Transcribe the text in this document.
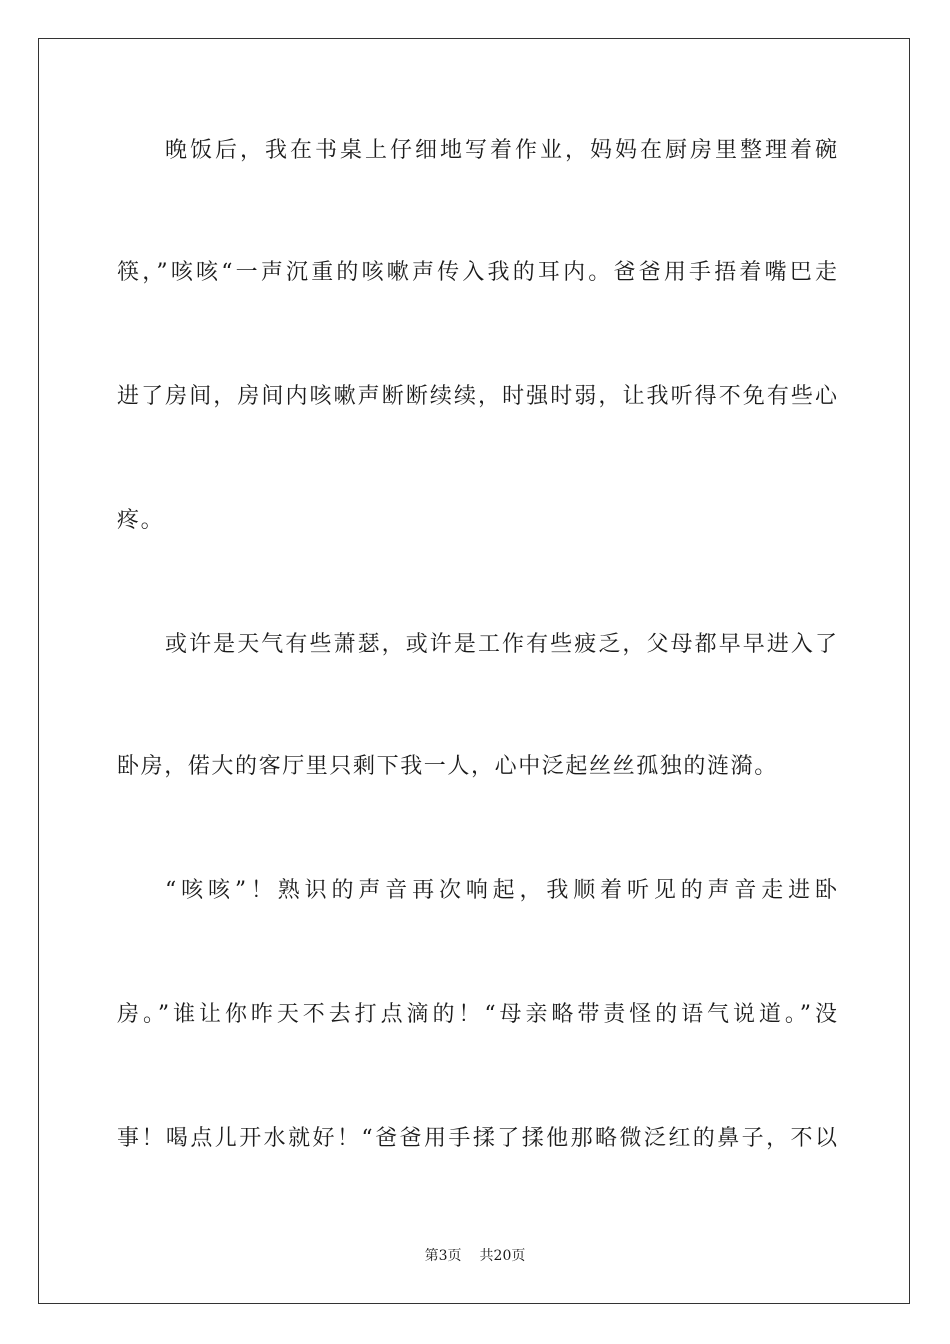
晚饭后，我在书桌上仔细地写着作业，妈妈在厨房里整理着碗
筷，”咳咳“一声沉重的咳嗽声传入我的耳内。爸爸用手捂着嘴巴走
进了房间，房间内咳嗽声断断续续，时强时弱，让我听得不免有些心
疼。
或许是天气有些萧瑟，或许是工作有些疲乏，父母都早早进入了
卧房，偌大的客厅里只剩下我一人，心中泛起丝丝孤独的涟漪。
“咳咳”！熟识的声音再次响起，我顺着听见的声音走进卧
房。”谁让你昨天不去打点滴的！“母亲略带责怪的语气说道。”没
事！喝点儿开水就好！“爸爸用手揉了揉他那略微泛红的鼻子，不以
第3页 共20页
